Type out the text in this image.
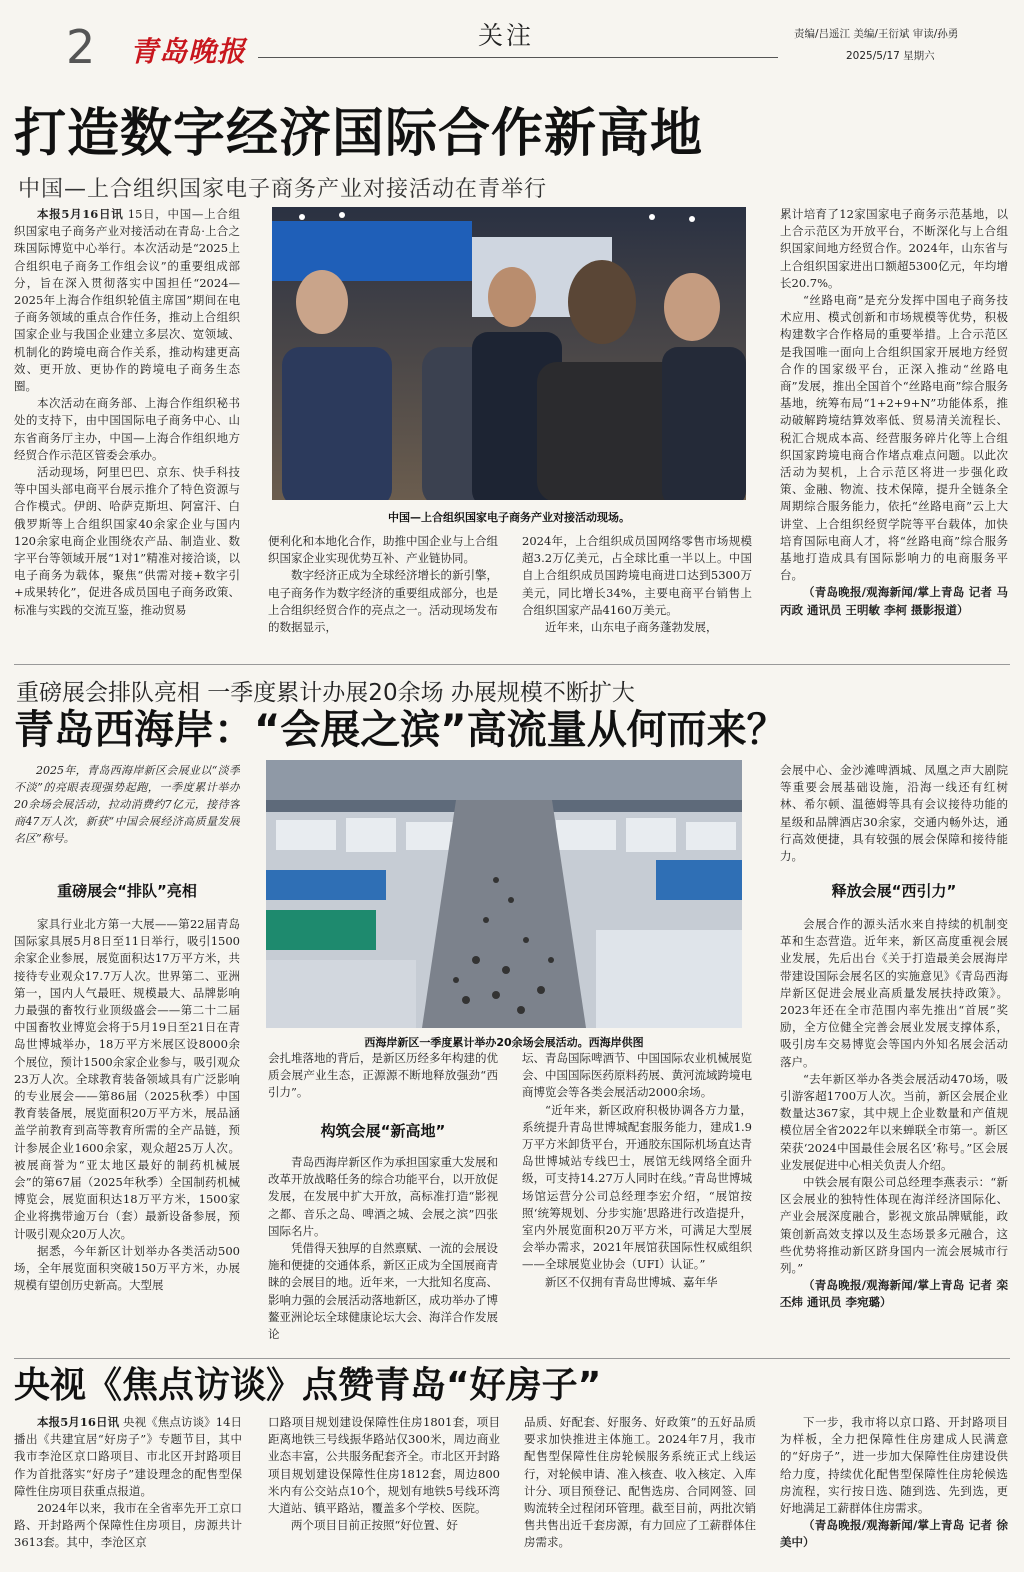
2 青岛晚报	关注	责编/吕遥江 美编/王衍斌 审读/孙勇
2025/5/17 星期六
打造数字经济国际合作新高地
中国—上合组织国家电子商务产业对接活动在青举行

本报5月16日讯 15日，中国—上合组织国家电子商务产业对接活动在青岛·上合之珠国际博览中心举行。本次活动是“2025上合组织电子商务工作组会议”的重要组成部分，旨在深入贯彻落实中国担任“2024—2025年上海合作组织轮值主席国”期间在电子商务领域的重点合作任务，推动上合组织国家企业与我国企业建立多层次、宽领域、机制化的跨境电商合作关系，推动构建更高效、更开放、更协作的跨境电子商务生态圈。

本次活动在商务部、上海合作组织秘书处的支持下，由中国国际电子商务中心、山东省商务厅主办，中国—上海合作组织地方经贸合作示范区管委会承办。

活动现场，阿里巴巴、京东、快手科技等中国头部电商平台展示推介了特色资源与合作模式。伊朗、哈萨克斯坦、阿富汗、白俄罗斯等上合组织国家40余家企业与国内120余家电商企业围绕农产品、制造业、数字平台等领域开展“1对1”精准对接洽谈，以电子商务为载体，聚焦“供需对接+数字引+成果转化”，促进各成员国电子商务政策、标准与实践的交流互鉴，推动贸易

中国—上合组织国家电子商务产业对接活动现场。

便利化和本地化合作，助推中国企业与上合组织国家企业实现优势互补、产业链协同。

数字经济正成为全球经济增长的新引擎，电子商务作为数字经济的重要组成部分，也是上合组织经贸合作的亮点之一。活动现场发布的数据显示，

2024年，上合组织成员国网络零售市场规模超3.2万亿美元，占全球比重一半以上。中国自上合组织成员国跨境电商进口达到5300万美元，同比增长34%，主要电商平台销售上合组织国家产品4160万美元。

近年来，山东电子商务蓬勃发展，

累计培育了12家国家电子商务示范基地，以上合示范区为开放平台，不断深化与上合组织国家间地方经贸合作。2024年，山东省与上合组织国家进出口额超5300亿元，年均增长20.7%。

“丝路电商”是充分发挥中国电子商务技术应用、模式创新和市场规模等优势，积极构建数字合作格局的重要举措。上合示范区是我国唯一面向上合组织国家开展地方经贸合作的国家级平台，正深入推动“丝路电商”发展，推出全国首个“丝路电商”综合服务基地，统筹布局“1+2+9+N”功能体系，推动破解跨境结算效率低、贸易清关流程长、税汇合规成本高、经营服务碎片化等上合组织国家跨境电商合作堵点难点问题。以此次活动为契机，上合示范区将进一步强化政策、金融、物流、技术保障，提升全链条全周期综合服务能力，依托“丝路电商”云上大讲堂、上合组织经贸学院等平台载体，加快培育国际电商人才，将“丝路电商”综合服务基地打造成具有国际影响力的电商服务平台。

（青岛晚报/观海新闻/掌上青岛 记者 马丙政 通讯员 王明敏 李柯 摄影报道）

重磅展会排队亮相 一季度累计办展20余场 办展规模不断扩大
青岛西海岸：“会展之滨”高流量从何而来？

2025年，青岛西海岸新区会展业以“淡季不淡”的亮眼表现强势起跑，一季度累计举办20余场会展活动，拉动消费约7亿元，接待客商47万人次，新获“中国会展经济高质量发展名区”称号。

重磅展会“排队”亮相

家具行业北方第一大展——第22届青岛国际家具展5月8日至11日举行，吸引1500余家企业参展，展览面积达17万平方米，共接待专业观众17.7万人次。世界第二、亚洲第一，国内人气最旺、规模最大、品牌影响力最强的畜牧行业顶级盛会——第二十二届中国畜牧业博览会将于5月19日至21日在青岛世博城举办，18万平方米展区设8000余个展位，预计1500余家企业参与，吸引观众23万人次。全球教育装备领域具有广泛影响的专业展会——第86届（2025秋季）中国教育装备展，展览面积20万平方米，展品涵盖学前教育到高等教育所需的全产品链，预计参展企业1600余家，观众超25万人次。被展商誉为“亚太地区最好的制药机械展会”的第67届（2025年秋季）全国制药机械博览会，展览面积达18万平方米，1500家企业将携带逾万台（套）最新设备参展，预计吸引观众20万人次。

据悉，今年新区计划举办各类活动500场，全年展览面积突破150万平方米，办展规模有望创历史新高。大型展

西海岸新区一季度累计举办20余场会展活动。西海岸供图

会扎堆落地的背后，是新区历经多年构建的优质会展产业生态，正源源不断地释放强劲“西引力”。

构筑会展“新高地”

青岛西海岸新区作为承担国家重大发展和改革开放战略任务的综合功能平台，以开放促发展，在发展中扩大开放，高标准打造“影视之都、音乐之岛、啤酒之城、会展之滨”四张国际名片。

凭借得天独厚的自然禀赋、一流的会展设施和便捷的交通体系，新区正成为全国展商青睐的会展目的地。近年来，一大批知名度高、影响力强的会展活动落地新区，成功举办了博鳌亚洲论坛全球健康论坛大会、海洋合作发展论

坛、青岛国际啤酒节、中国国际农业机械展览会、中国国际医药原料药展、黄河流域跨境电商博览会等各类会展活动2000余场。

“近年来，新区政府积极协调各方力量，系统提升青岛世博城配套服务能力，建成1.9万平方米卸货平台，开通胶东国际机场直达青岛世博城站专线巴士，展馆无线网络全面升级，可支持14.27万人同时在线。”青岛世博城场馆运营分公司总经理李宏介绍，“展馆按照‘统筹规划、分步实施’思路进行改造提升，室内外展览面积20万平方米，可满足大型展会举办需求，2021年展馆获国际性权威组织——全球展览业协会（UFI）认证。”

新区不仅拥有青岛世博城、嘉年华

会展中心、金沙滩啤酒城、凤凰之声大剧院等重要会展基础设施，沿海一线还有红树林、希尔顿、温德姆等具有会议接待功能的星级和品牌酒店30余家，交通内畅外达，通行高效便捷，具有较强的展会保障和接待能力。

释放会展“西引力”

会展合作的源头活水来自持续的机制变革和生态营造。近年来，新区高度重视会展业发展，先后出台《关于打造最美会展海岸带建设国际会展名区的实施意见》《青岛西海岸新区促进会展业高质量发展扶持政策》。2023年还在全市范围内率先推出“首展”奖励，全方位健全完善会展业发展支撑体系，吸引房车交易博览会等国内外知名展会活动落户。

“去年新区举办各类会展活动470场，吸引游客超1700万人次。当前，新区会展企业数量达367家，其中规上企业数量和产值规模位居全省2022年以来蝉联全市第一。新区荣获‘2024中国最佳会展名区’称号。”区会展业发展促进中心相关负责人介绍。

中铁会展有限公司总经理李燕表示：“新区会展业的独特性体现在海洋经济国际化、产业会展深度融合，影视文旅品牌赋能，政策创新高效支撑以及生态场景多元融合，这些优势将推动新区跻身国内一流会展城市行列。”

（青岛晚报/观海新闻/掌上青岛 记者 栾丕炜 通讯员 李宛璐）

央视《焦点访谈》点赞青岛“好房子”

本报5月16日讯 央视《焦点访谈》14日播出《共建宜居“好房子”》专题节目，其中我市李沧区京口路项目、市北区开封路项目作为首批落实“好房子”建设理念的配售型保障性住房项目获重点报道。

2024年以来，我市在全省率先开工京口路、开封路两个保障性住房项目，房源共计3613套。其中，李沧区京

口路项目规划建设保障性住房1801套，项目距离地铁三号线振华路站仅300米，周边商业业态丰富，公共服务配套齐全。市北区开封路项目规划建设保障性住房1812套，周边800米内有公交站点10个，规划有地铁5号线环湾大道站、镇平路站，覆盖多个学校、医院。

两个项目目前正按照“好位置、好

品质、好配套、好服务、好政策”的五好品质要求加快推进主体施工。2024年7月，我市配售型保障性住房轮候服务系统正式上线运行，对轮候申请、准入核查、收入核定、入库计分、项目预登记、配售选房、合同网签、回购流转全过程闭环管理。截至目前，两批次销售共售出近千套房源，有力回应了工薪群体住房需求。

下一步，我市将以京口路、开封路项目为样板，全力把保障性住房建成人民满意的“好房子”，进一步加大保障性住房建设供给力度，持续优化配售型保障性住房轮候选房流程，实行按日选、随到选、先到选，更好地满足工薪群体住房需求。

（青岛晚报/观海新闻/掌上青岛 记者 徐美中）
